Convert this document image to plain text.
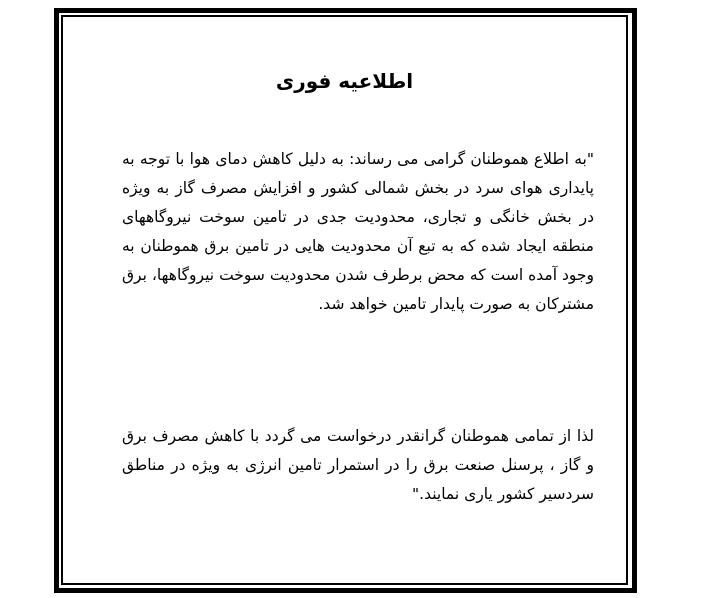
اطلاعیه فوری

"به اطلاع هموطنان گرامی می رساند: به دلیل کاهش دمای هوا با توجه به پایداری هوای سرد در بخش شمالی کشور و افزایش مصرف گاز به ویژه در بخش خانگی و تجاری، محدودیت جدی در تامین سوخت نیروگاههای منطقه ایجاد شده که به تبع آن محدودیت هایی در تامین برق هموطنان به وجود آمده است که محض برطرف شدن محدودیت سوخت نیروگاهها، برق مشترکان به صورت پایدار تامین خواهد شد.

لذا از تمامی هموطنان گرانقدر درخواست می گردد با کاهش مصرف برق و گاز ، پرسنل صنعت برق را در استمرار تامین انرژی به ویژه در مناطق سردسیر کشور یاری نمایند."
